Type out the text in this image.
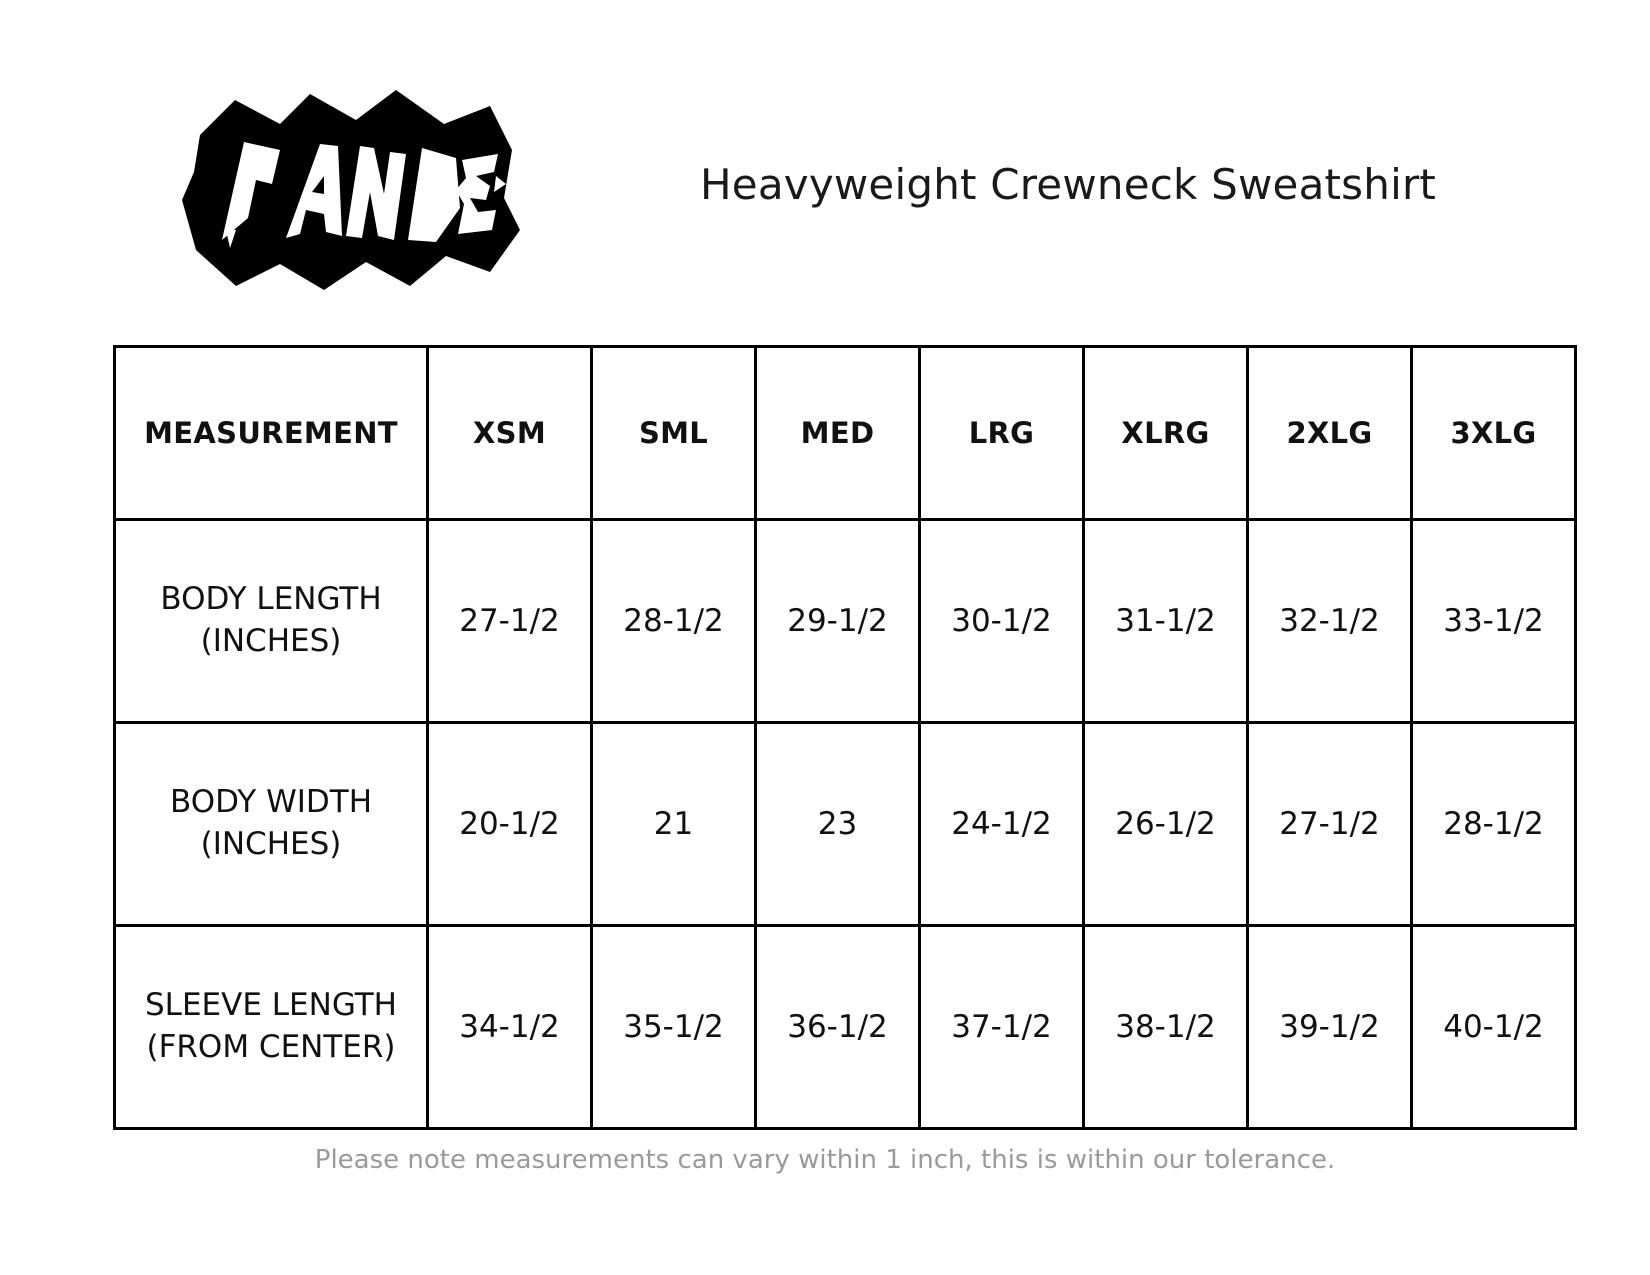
Heavyweight Crewneck Sweatshirt
MEASUREMENT	XSM	SML	MED	LRG	XLRG	2XLG	3XLG
BODY LENGTH
(INCHES)	27-1/2	28-1/2	29-1/2	30-1/2	31-1/2	32-1/2	33-1/2
BODY WIDTH
(INCHES)	20-1/2	21	23	24-1/2	26-1/2	27-1/2	28-1/2
SLEEVE LENGTH
(FROM CENTER)	34-1/2	35-1/2	36-1/2	37-1/2	38-1/2	39-1/2	40-1/2
Please note measurements can vary within 1 inch, this is within our tolerance.
